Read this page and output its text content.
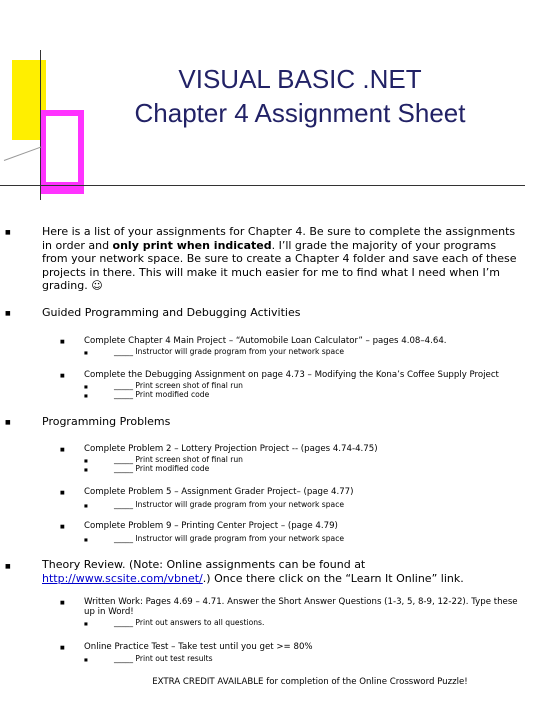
VISUAL BASIC .NET
Chapter 4 Assignment Sheet
■	Here is a list of your assignments for Chapter 4. Be sure to complete the assignments in order and only print when indicated. I’ll grade the majority of your programs from your network space. Be sure to create a Chapter 4 folder and save each of these projects in there. This will make it much easier for me to find what I need when I’m grading. ☺
■	Guided Programming and Debugging Activities
■ Complete Chapter 4 Main Project – “Automobile Loan Calculator” – pages 4.08–4.64.
■	_____ Instructor will grade program from your network space
■ Complete the Debugging Assignment on page 4.73 – Modifying the Kona’s Coffee Supply Project
■	_____ Print screen shot of final run
■	_____ Print modified code
■	Programming Problems
■ Complete Problem 2 – Lottery Projection Project -- (pages 4.74-4.75)
■	_____ Print screen shot of final run
■	_____ Print modified code
■ Complete Problem 5 – Assignment Grader Project– (page 4.77)
■	_____ Instructor will grade program from your network space
■ Complete Problem 9 – Printing Center Project – (page 4.79)
■	_____ Instructor will grade program from your network space
■	Theory Review. (Note: Online assignments can be found at http://www.scsite.com/vbnet/.) Once there click on the “Learn It Online” link.
■ Written Work: Pages 4.69 – 4.71. Answer the Short Answer Questions (1-3, 5, 8-9, 12-22). Type these up in Word!
■	_____ Print out answers to all questions.
■ Online Practice Test – Take test until you get >= 80%
■	_____ Print out test results
EXTRA CREDIT AVAILABLE for completion of the Online Crossword Puzzle!
